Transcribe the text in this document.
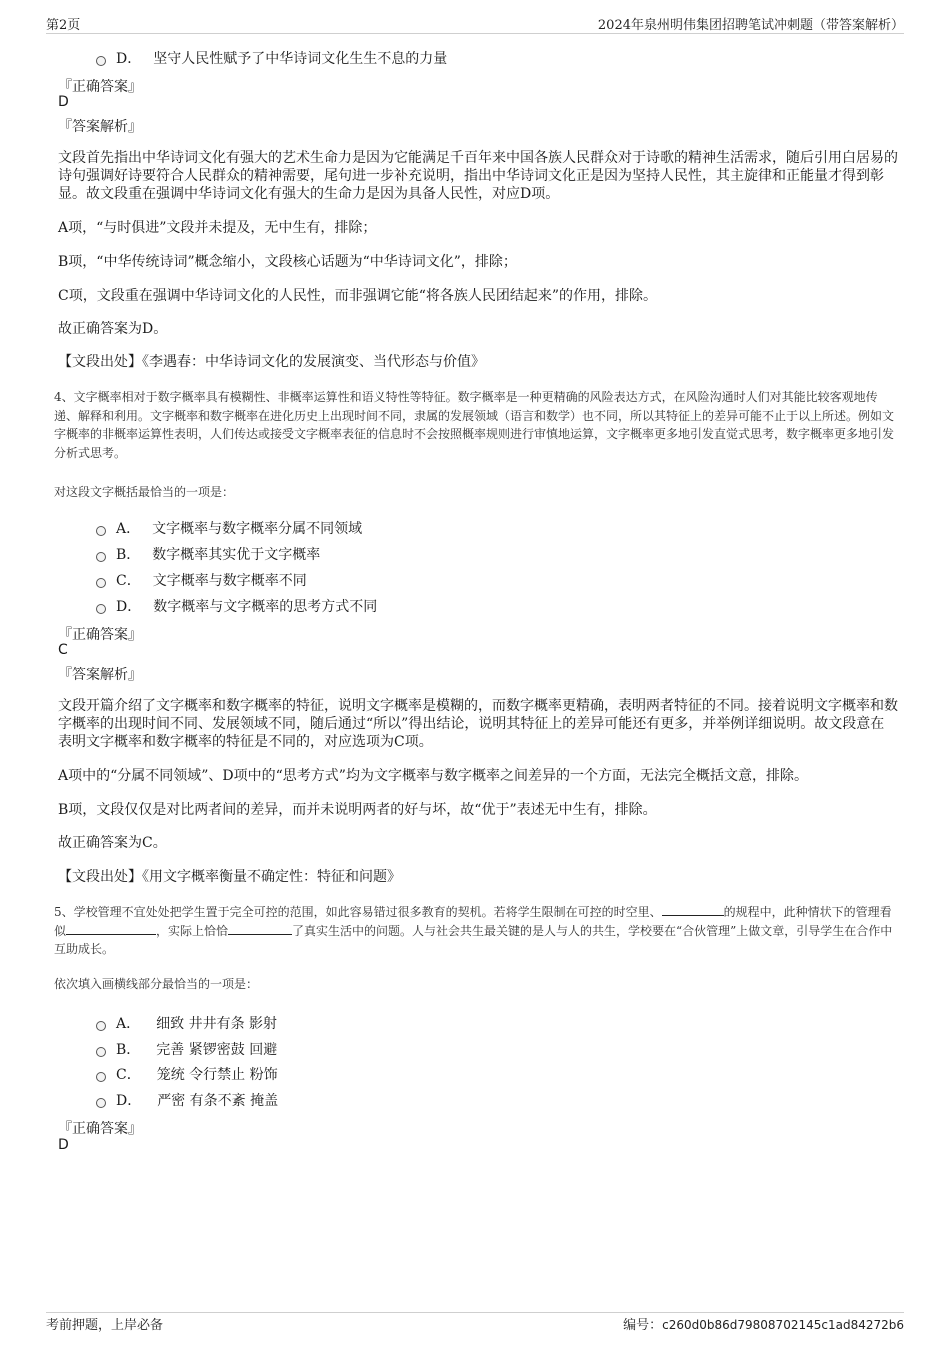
第2页	2024年泉州明伟集团招聘笔试冲刺题（带答案解析）
D． 坚守人民性赋予了中华诗词文化生生不息的力量
『正确答案』
D
『答案解析』
文段首先指出中华诗词文化有强大的艺术生命力是因为它能满足千百年来中国各族人民群众对于诗歌的精神生活需求，随后引用白居易的诗句强调好诗要符合人民群众的精神需要，尾句进一步补充说明，指出中华诗词文化正是因为坚持人民性，其主旋律和正能量才得到彰显。故文段重在强调中华诗词文化有强大的生命力是因为具备人民性，对应D项。
A项，“与时俱进”文段并未提及，无中生有，排除；
B项，“中华传统诗词”概念缩小，文段核心话题为“中华诗词文化”，排除；
C项，文段重在强调中华诗词文化的人民性，而非强调它能“将各族人民团结起来”的作用，排除。
故正确答案为D。
【文段出处】《李遇春：中华诗词文化的发展演变、当代形态与价值》
4、文字概率相对于数字概率具有模糊性、非概率运算性和语义特性等特征。数字概率是一种更精确的风险表达方式，在风险沟通时人们对其能比较客观地传递、解释和利用。文字概率和数字概率在进化历史上出现时间不同，隶属的发展领域（语言和数学）也不同，所以其特征上的差异可能不止于以上所述。例如文字概率的非概率运算性表明，人们传达或接受文字概率表征的信息时不会按照概率规则进行审慎地运算，文字概率更多地引发直觉式思考，数字概率更多地引发分析式思考。
对这段文字概括最恰当的一项是：
A． 文字概率与数字概率分属不同领域
B． 数字概率其实优于文字概率
C． 文字概率与数字概率不同
D． 数字概率与文字概率的思考方式不同
『正确答案』
C
『答案解析』
文段开篇介绍了文字概率和数字概率的特征，说明文字概率是模糊的，而数字概率更精确，表明两者特征的不同。接着说明文字概率和数字概率的出现时间不同、发展领域不同，随后通过“所以”得出结论，说明其特征上的差异可能还有更多，并举例详细说明。故文段意在表明文字概率和数字概率的特征是不同的，对应选项为C项。
A项中的“分属不同领域”、D项中的“思考方式”均为文字概率与数字概率之间差异的一个方面，无法完全概括文意，排除。
B项，文段仅仅是对比两者间的差异，而并未说明两者的好与坏，故“优于”表述无中生有，排除。
故正确答案为C。
【文段出处】《用文字概率衡量不确定性：特征和问题》
5、学校管理不宜处处把学生置于完全可控的范围，如此容易错过很多教育的契机。若将学生限制在可控的时空里、	的规程中，此种情状下的管理看似	，实际上恰恰	了真实生活中的问题。人与社会共生最关键的是人与人的共生，学校要在“合伙管理”上做文章，引导学生在合作中互助成长。
依次填入画横线部分最恰当的一项是：
A． 细致 井井有条 影射
B． 完善 紧锣密鼓 回避
C． 笼统 令行禁止 粉饰
D． 严密 有条不紊 掩盖
『正确答案』
D
考前押题，上岸必备	编号：c260d0b86d79808702145c1ad84272b6
